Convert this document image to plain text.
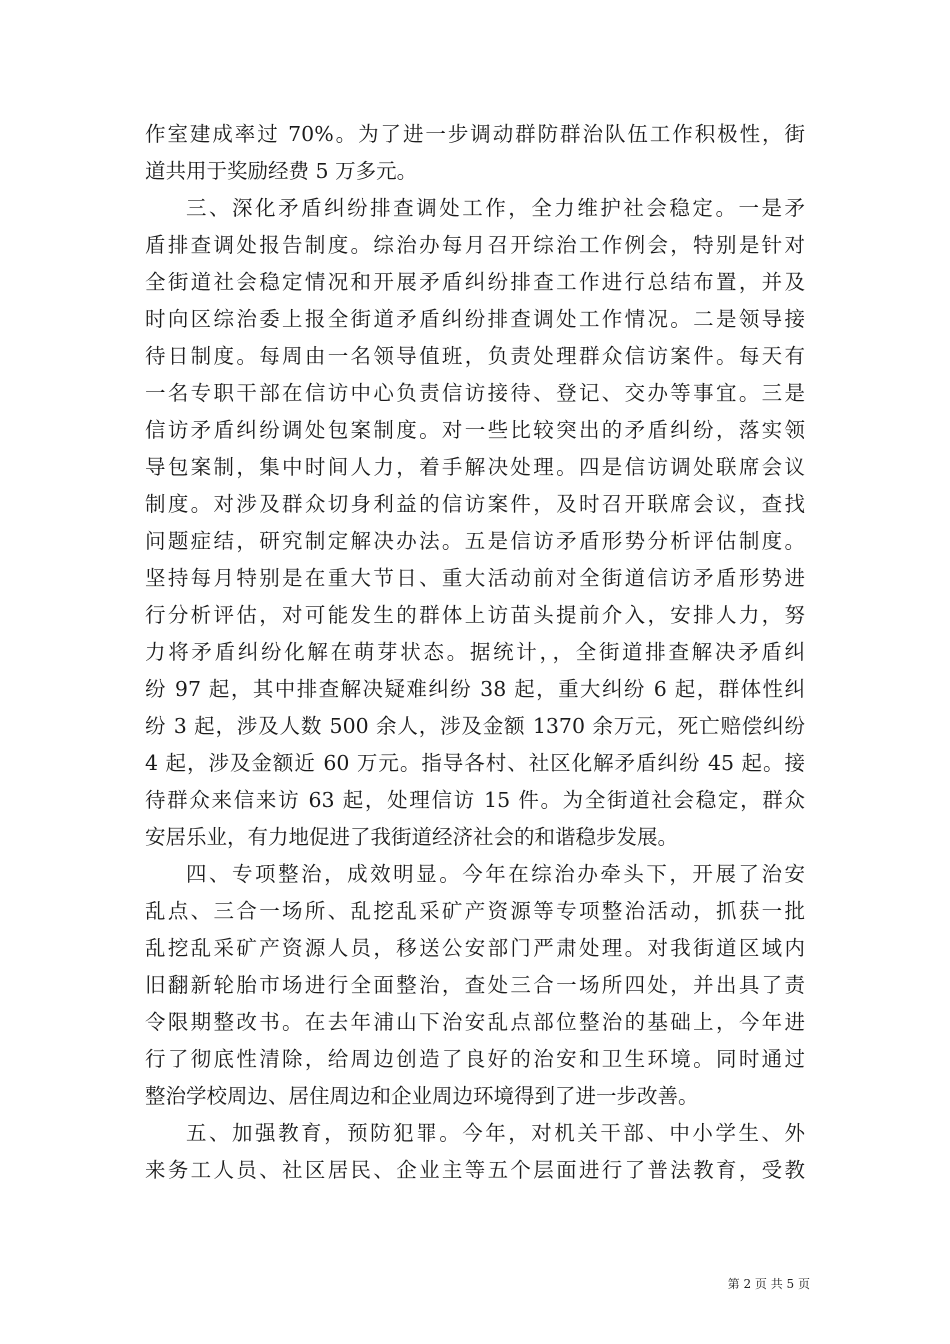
作室建成率过 70%。为了进一步调动群防群治队伍工作积极性，街
道共用于奖励经费 5 万多元。
三、深化矛盾纠纷排查调处工作，全力维护社会稳定。一是矛
盾排查调处报告制度。综治办每月召开综治工作例会，特别是针对
全街道社会稳定情况和开展矛盾纠纷排查工作进行总结布置，并及
时向区综治委上报全街道矛盾纠纷排查调处工作情况。二是领导接
待日制度。每周由一名领导值班，负责处理群众信访案件。每天有
一名专职干部在信访中心负责信访接待、登记、交办等事宜。三是
信访矛盾纠纷调处包案制度。对一些比较突出的矛盾纠纷，落实领
导包案制，集中时间人力，着手解决处理。四是信访调处联席会议
制度。对涉及群众切身利益的信访案件，及时召开联席会议，查找
问题症结，研究制定解决办法。五是信访矛盾形势分析评估制度。
坚持每月特别是在重大节日、重大活动前对全街道信访矛盾形势进
行分析评估，对可能发生的群体上访苗头提前介入，安排人力，努
力将矛盾纠纷化解在萌芽状态。据统计，，全街道排查解决矛盾纠
纷 97 起，其中排查解决疑难纠纷 38 起，重大纠纷 6 起，群体性纠
纷 3 起，涉及人数 500 余人，涉及金额 1370 余万元，死亡赔偿纠纷
4 起，涉及金额近 60 万元。指导各村、社区化解矛盾纠纷 45 起。接
待群众来信来访 63 起，处理信访 15 件。为全街道社会稳定，群众
安居乐业，有力地促进了我街道经济社会的和谐稳步发展。
四、专项整治，成效明显。今年在综治办牵头下，开展了治安
乱点、三合一场所、乱挖乱采矿产资源等专项整治活动，抓获一批
乱挖乱采矿产资源人员，移送公安部门严肃处理。对我街道区域内
旧翻新轮胎市场进行全面整治，查处三合一场所四处，并出具了责
令限期整改书。在去年浦山下治安乱点部位整治的基础上，今年进
行了彻底性清除，给周边创造了良好的治安和卫生环境。同时通过
整治学校周边、居住周边和企业周边环境得到了进一步改善。
五、加强教育，预防犯罪。今年，对机关干部、中小学生、外
来务工人员、社区居民、企业主等五个层面进行了普法教育，受教
第 2 页 共 5 页
